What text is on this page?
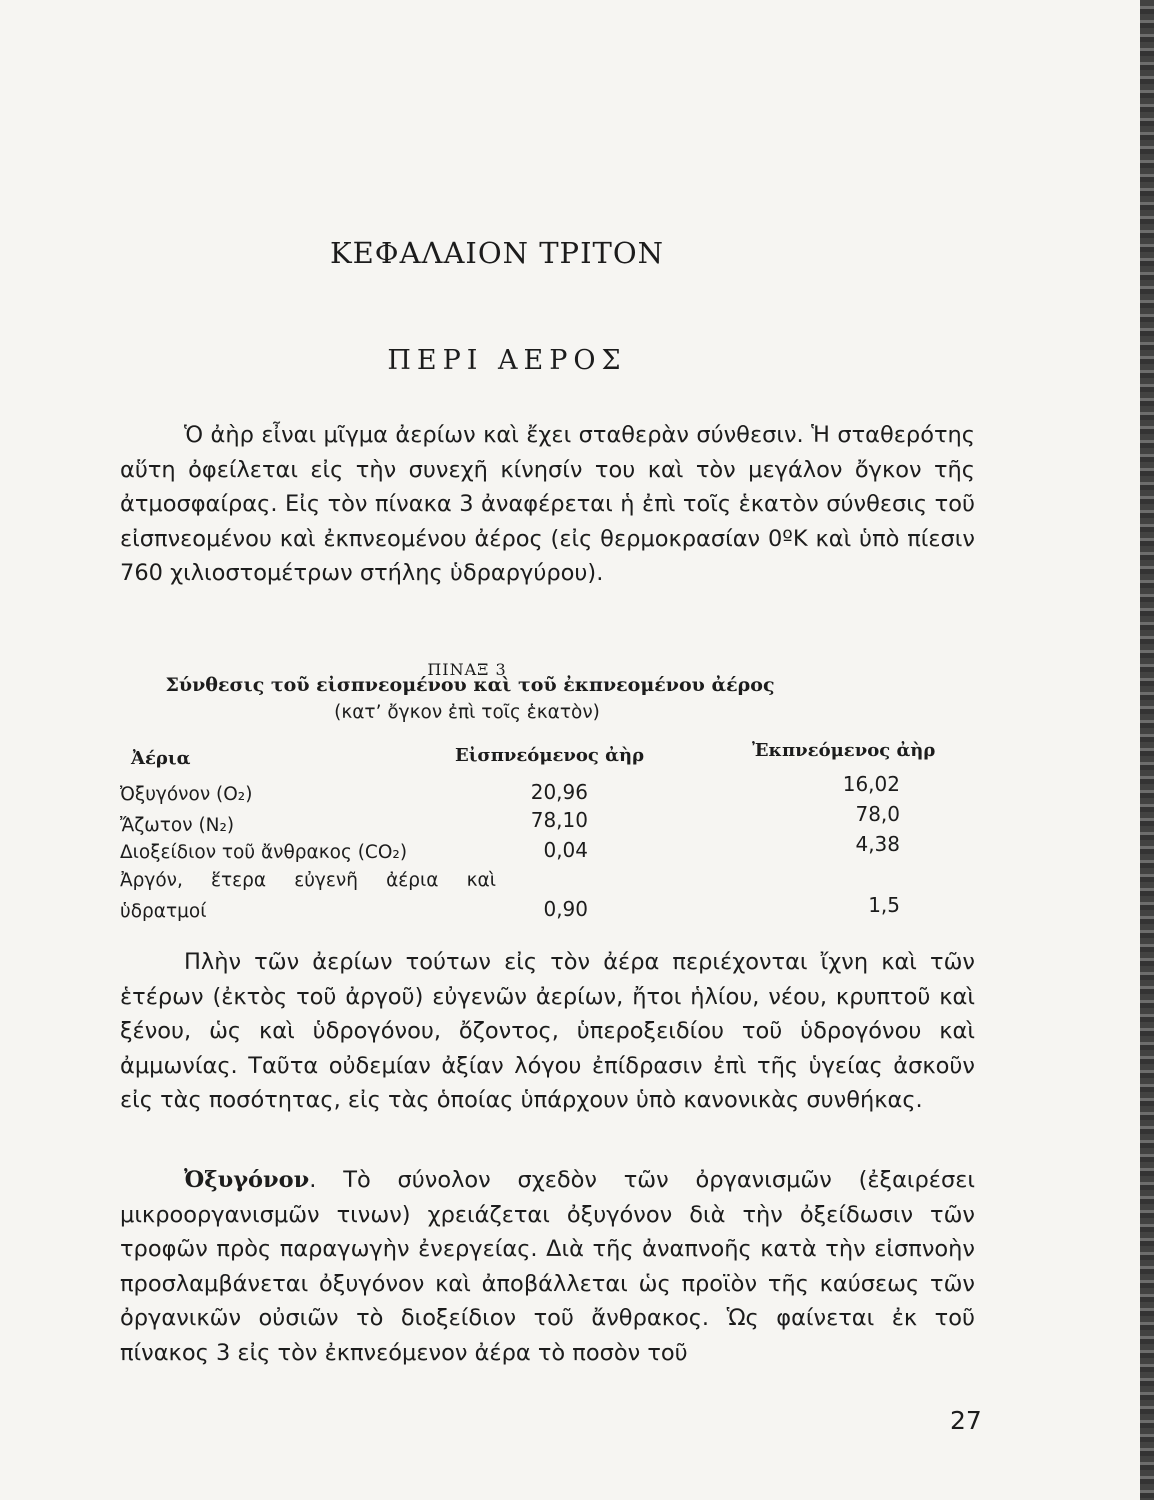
ΚΕΦΑΛΑΙΟΝ ΤΡΙΤΟΝ
ΠΕΡΙ ΑΕΡΟΣ
Ὁ ἀὴρ εἶναι μῖγμα ἀερίων καὶ ἔχει σταθερὰν σύνθεσιν. Ἡ σταθερότης αὕτη ὀφείλεται εἰς τὴν συνεχῆ κίνησίν του καὶ τὸν μεγάλον ὄγκον τῆς ἀτμοσφαίρας. Εἰς τὸν πίνακα 3 ἀναφέρεται ἡ ἐπὶ τοῖς ἑκατὸν σύνθεσις τοῦ εἰσπνεομένου καὶ ἐκπνεομένου ἀέρος (εἰς θερμοκρασίαν 0ºΚ καὶ ὑπὸ πίεσιν 760 χιλιοστομέτρων στήλης ὑδραργύρου).
ΠΙΝΑΞ 3
Σύνθεσις τοῦ εἰσπνεομένου καὶ τοῦ ἐκπνεομένου ἀέρος
(κατ’ ὄγκον ἐπὶ τοῖς ἑκατὸν)
Ἀέρια	Εἰσπνεόμενος ἀὴρ	Ἐκπνεόμενος ἀὴρ
Ὀξυγόνον (O₂)	20,96	16,02
Ἄζωτον (N₂)	78,10	78,0
Διοξείδιον τοῦ ἄνθρακος (CO₂)	0,04	4,38
Ἀργόν, ἕτερα εὐγενῆ ἀέρια καὶ
ὑδρατμοί	0,90	1,5
Πλὴν τῶν ἀερίων τούτων εἰς τὸν ἀέρα περιέχονται ἴχνη καὶ τῶν ἑτέρων (ἐκτὸς τοῦ ἀργοῦ) εὐγενῶν ἀερίων, ἤτοι ἡλίου, νέου, κρυπτοῦ καὶ ξένου, ὡς καὶ ὑδρογόνου, ὄζοντος, ὑπεροξειδίου τοῦ ὑδρογόνου καὶ ἀμμωνίας. Ταῦτα οὐδεμίαν ἀξίαν λόγου ἐπίδρασιν ἐπὶ τῆς ὑγείας ἀσκοῦν εἰς τὰς ποσότητας, εἰς τὰς ὁποίας ὑπάρχουν ὑπὸ κανονικὰς συνθήκας.
Ὀξυγόνον. Τὸ σύνολον σχεδὸν τῶν ὀργανισμῶν (ἐξαιρέσει μικροοργανισμῶν τινων) χρειάζεται ὀξυγόνον διὰ τὴν ὀξείδωσιν τῶν τροφῶν πρὸς παραγωγὴν ἐνεργείας. Διὰ τῆς ἀναπνοῆς κατὰ τὴν εἰσπνοὴν προσλαμβάνεται ὀξυγόνον καὶ ἀποβάλλεται ὡς προϊὸν τῆς καύσεως τῶν ὀργανικῶν οὐσιῶν τὸ διοξείδιον τοῦ ἄνθρακος. Ὡς φαίνεται ἐκ τοῦ πίνακος 3 εἰς τὸν ἐκπνεόμενον ἀέρα τὸ ποσὸν τοῦ
27
